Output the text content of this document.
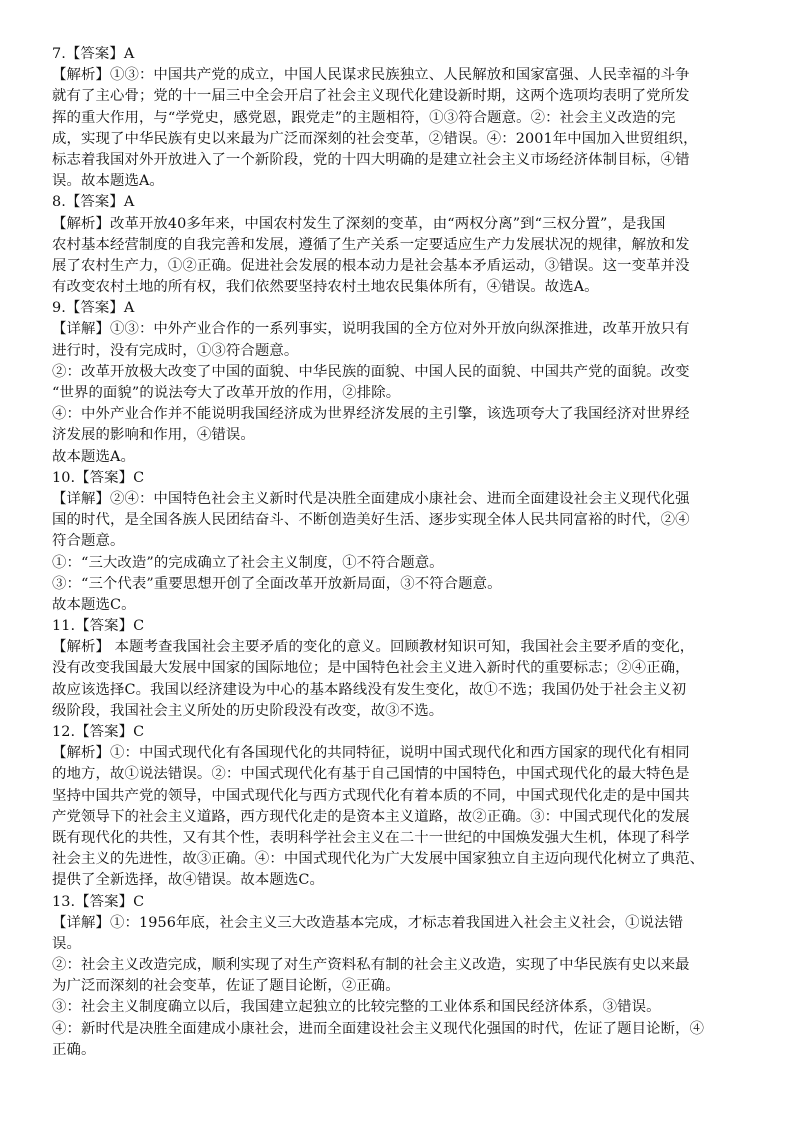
7.【答案】A
【解析】①③：中国共产党的成立，中国人民谋求民族独立、人民解放和国家富强、人民幸福的斗争
就有了主心骨；党的十一届三中全会开启了社会主义现代化建设新时期，这两个选项均表明了党所发
挥的重大作用，与“学党史，感党恩，跟党走”的主题相符，①③符合题意。②：社会主义改造的完
成，实现了中华民族有史以来最为广泛而深刻的社会变革，②错误。④：2001年中国加入世贸组织，
标志着我国对外开放进入了一个新阶段，党的十四大明确的是建立社会主义市场经济体制目标，④错
误。故本题选A。
8.【答案】A
【解析】改革开放40多年来，中国农村发生了深刻的变革，由“两权分离”到“三权分置”，是我国
农村基本经营制度的自我完善和发展，遵循了生产关系一定要适应生产力发展状况的规律，解放和发
展了农村生产力，①②正确。促进社会发展的根本动力是社会基本矛盾运动，③错误。这一变革并没
有改变农村土地的所有权，我们依然要坚持农村土地农民集体所有，④错误。故选A。
9.【答案】A
【详解】①③：中外产业合作的一系列事实，说明我国的全方位对外开放向纵深推进，改革开放只有
进行时，没有完成时，①③符合题意。
②：改革开放极大改变了中国的面貌、中华民族的面貌、中国人民的面貌、中国共产党的面貌。改变
“世界的面貌”的说法夸大了改革开放的作用，②排除。
④：中外产业合作并不能说明我国经济成为世界经济发展的主引擎，该选项夸大了我国经济对世界经
济发展的影响和作用，④错误。
故本题选A。
10.【答案】C
【详解】②④：中国特色社会主义新时代是决胜全面建成小康社会、进而全面建设社会主义现代化强
国的时代，是全国各族人民团结奋斗、不断创造美好生活、逐步实现全体人民共同富裕的时代，②④
符合题意。
①：“三大改造”的完成确立了社会主义制度，①不符合题意。
③：“三个代表”重要思想开创了全面改革开放新局面，③不符合题意。
故本题选C。
11.【答案】C
【解析】 本题考查我国社会主要矛盾的变化的意义。回顾教材知识可知，我国社会主要矛盾的变化，
没有改变我国最大发展中国家的国际地位；是中国特色社会主义进入新时代的重要标志；②④正确，
故应该选择C。我国以经济建设为中心的基本路线没有发生变化，故①不选；我国仍处于社会主义初
级阶段，我国社会主义所处的历史阶段没有改变，故③不选。
12.【答案】C
【解析】①：中国式现代化有各国现代化的共同特征，说明中国式现代化和西方国家的现代化有相同
的地方，故①说法错误。②：中国式现代化有基于自己国情的中国特色，中国式现代化的最大特色是
坚持中国共产党的领导，中国式现代化与西方式现代化有着本质的不同，中国式现代化走的是中国共
产党领导下的社会主义道路，西方现代化走的是资本主义道路，故②正确。③：中国式现代化的发展
既有现代化的共性，又有其个性，表明科学社会主义在二十一世纪的中国焕发强大生机，体现了科学
社会主义的先进性，故③正确。④：中国式现代化为广大发展中国家独立自主迈向现代化树立了典范、
提供了全新选择，故④错误。故本题选C。
13.【答案】C
【详解】①：1956年底，社会主义三大改造基本完成，才标志着我国进入社会主义社会，①说法错
误。
②：社会主义改造完成，顺利实现了对生产资料私有制的社会主义改造，实现了中华民族有史以来最
为广泛而深刻的社会变革，佐证了题目论断，②正确。
③：社会主义制度确立以后，我国建立起独立的比较完整的工业体系和国民经济体系，③错误。
④：新时代是决胜全面建成小康社会，进而全面建设社会主义现代化强国的时代，佐证了题目论断，④
正确。
